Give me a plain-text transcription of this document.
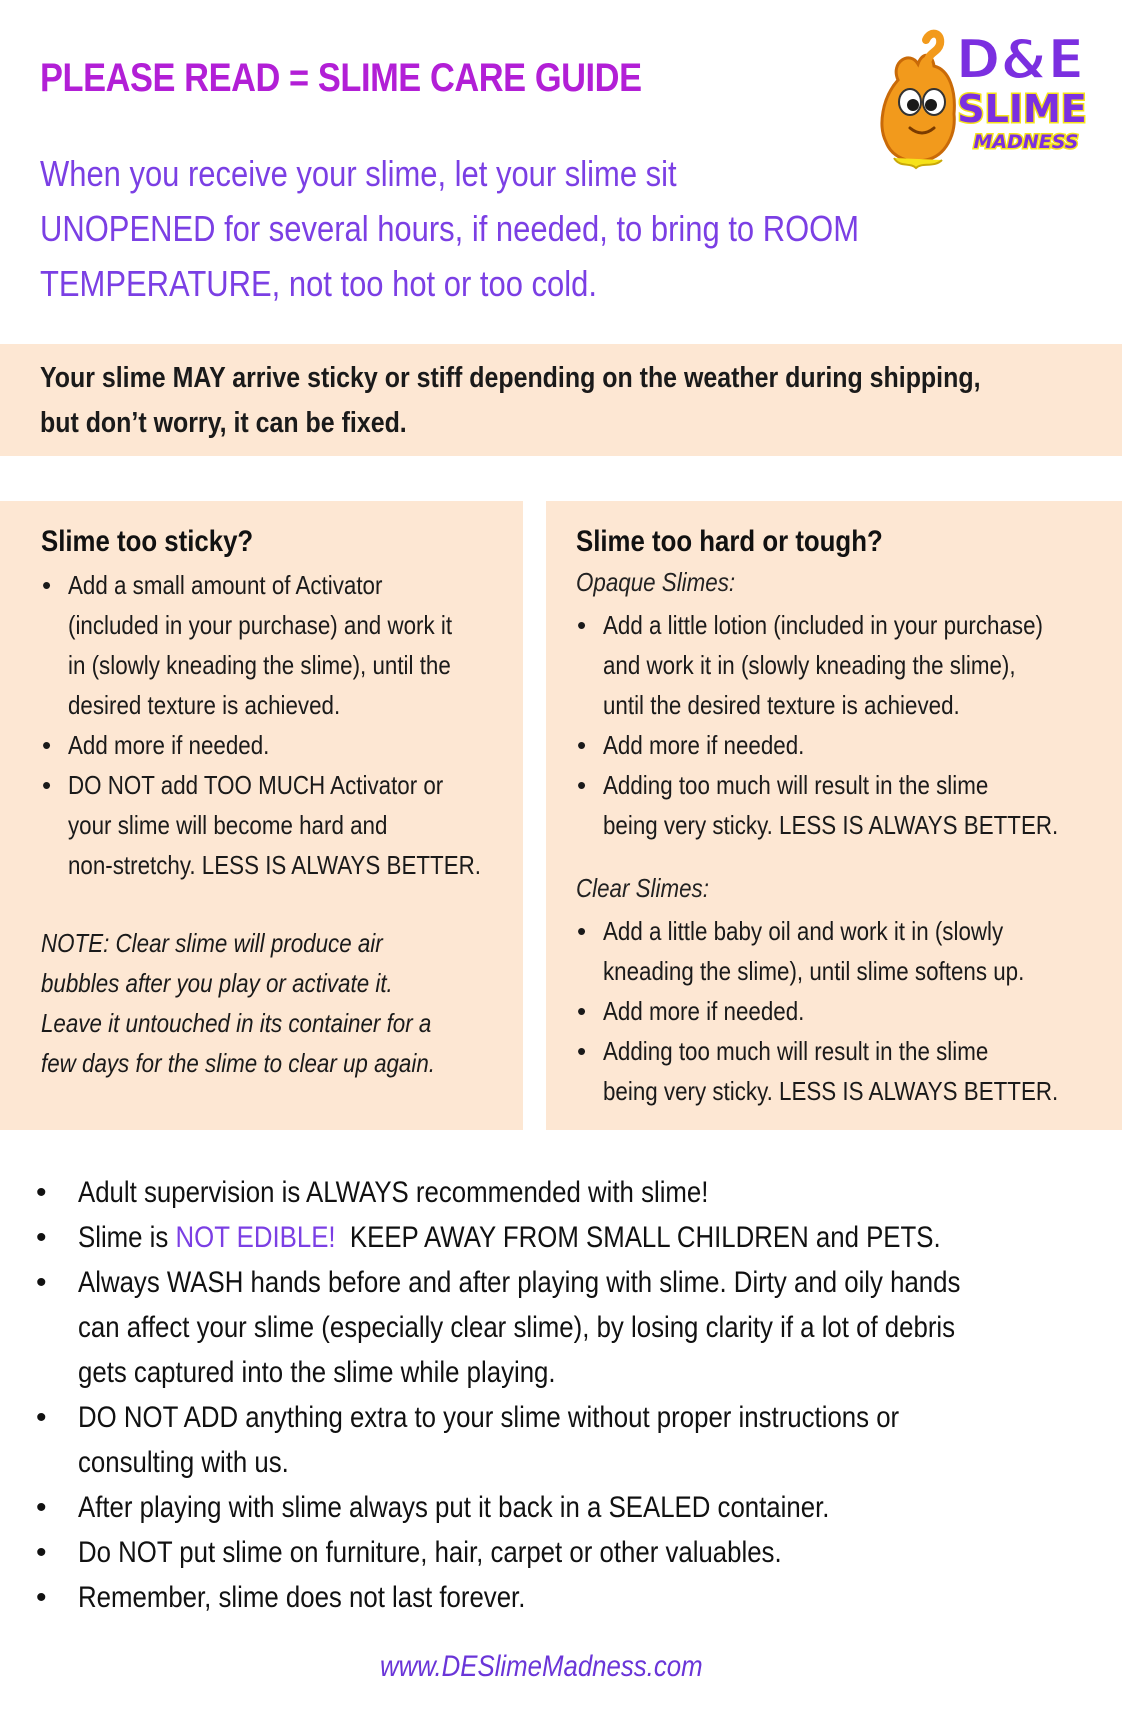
PLEASE READ = SLIME CARE GUIDE
When you receive your slime, let your slime sit
UNOPENED for several hours, if needed, to bring to ROOM
TEMPERATURE, not too hot or too cold.
D&E
SLIME
MADNESS
Your slime MAY arrive sticky or stiff depending on the weather during shipping,
but don’t worry, it can be fixed.
Slime too sticky?
• Add a small amount of Activator
(included in your purchase) and work it
in (slowly kneading the slime), until the
desired texture is achieved.
• Add more if needed.
• DO NOT add TOO MUCH Activator or
your slime will become hard and
non-stretchy. LESS IS ALWAYS BETTER.
NOTE: Clear slime will produce air
bubbles after you play or activate it.
Leave it untouched in its container for a
few days for the slime to clear up again.
Slime too hard or tough?
Opaque Slimes:
• Add a little lotion (included in your purchase)
and work it in (slowly kneading the slime),
until the desired texture is achieved.
• Add more if needed.
• Adding too much will result in the slime
being very sticky. LESS IS ALWAYS BETTER.
Clear Slimes:
• Add a little baby oil and work it in (slowly
kneading the slime), until slime softens up.
• Add more if needed.
• Adding too much will result in the slime
being very sticky. LESS IS ALWAYS BETTER.
• Adult supervision is ALWAYS recommended with slime!
• Slime is NOT EDIBLE!  KEEP AWAY FROM SMALL CHILDREN and PETS.
• Always WASH hands before and after playing with slime. Dirty and oily hands
can affect your slime (especially clear slime), by losing clarity if a lot of debris
gets captured into the slime while playing.
• DO NOT ADD anything extra to your slime without proper instructions or
consulting with us.
• After playing with slime always put it back in a SEALED container.
• Do NOT put slime on furniture, hair, carpet or other valuables.
• Remember, slime does not last forever.
www.DESlimeMadness.com
